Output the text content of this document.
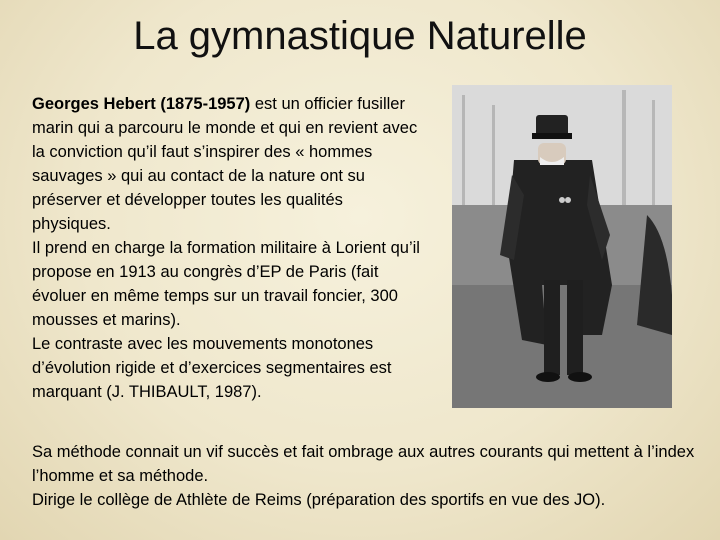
La gymnastique Naturelle
Georges Hebert (1875-1957) est un officier fusiller marin qui a parcouru le monde et qui en revient avec la conviction qu’il faut s’inspirer des « hommes sauvages » qui au contact de la nature ont su préserver et développer toutes les qualités physiques.
Il prend en charge la formation militaire à Lorient qu’il propose en 1913 au congrès d’EP de Paris (fait évoluer en même temps sur un travail foncier, 300 mousses et marins).
Le contraste avec les mouvements monotones d’évolution rigide et d’exercices segmentaires est marquant (J. THIBAULT, 1987).
Sa méthode connait un vif succès et fait ombrage aux autres courants qui mettent à l’index l’homme et sa méthode.
Dirige le collège de Athlète de Reims (préparation des sportifs en vue des JO).
